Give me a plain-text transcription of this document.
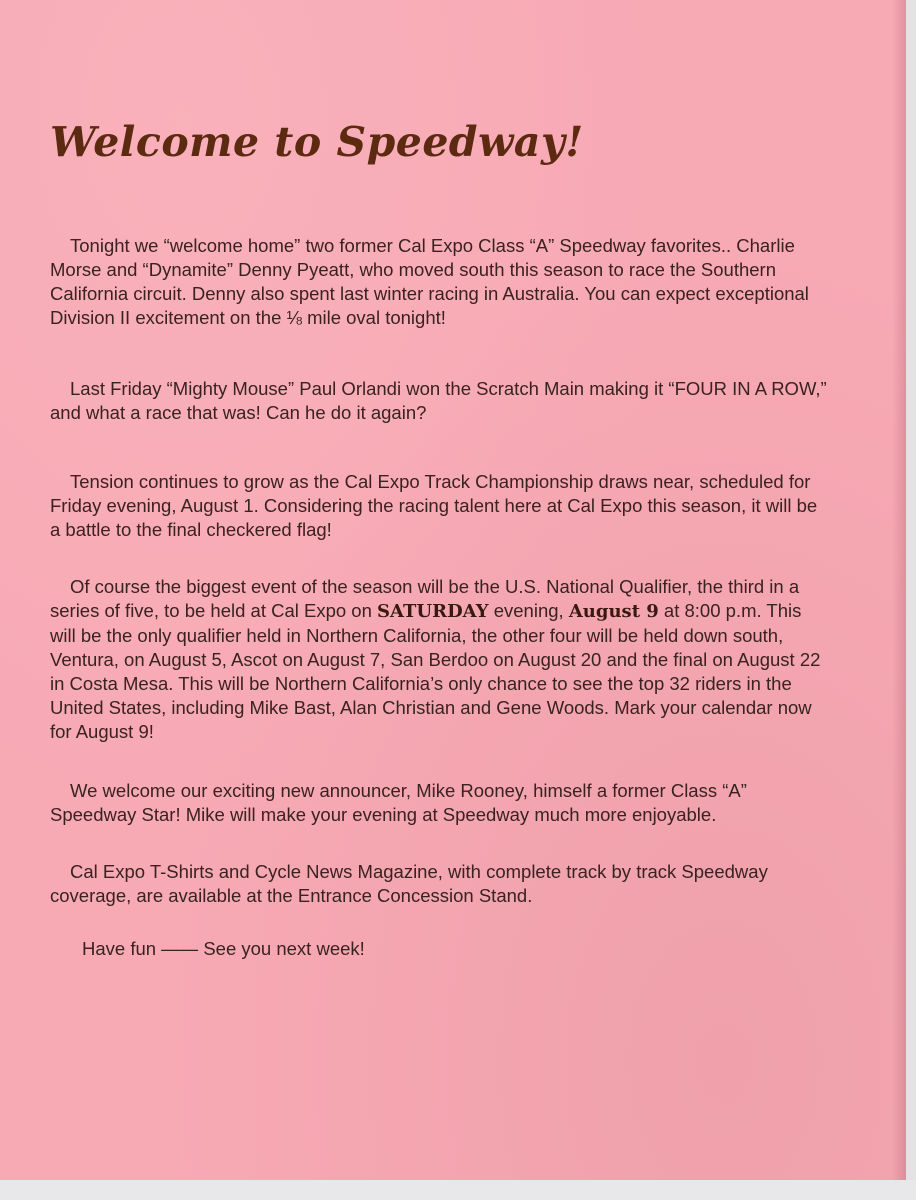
Welcome to Speedway!

Tonight we “welcome home” two former Cal Expo Class “A” Speedway favorites.. Charlie Morse and “Dynamite” Denny Pyeatt, who moved south this season to race the Southern California circuit. Denny also spent last winter racing in Australia. You can expect exceptional Division II excitement on the ⅛ mile oval tonight!

Last Friday “Mighty Mouse” Paul Orlandi won the Scratch Main making it “FOUR IN A ROW,” and what a race that was! Can he do it again?

Tension continues to grow as the Cal Expo Track Championship draws near, scheduled for Friday evening, August 1. Considering the racing talent here at Cal Expo this season, it will be a battle to the final checkered flag!

Of course the biggest event of the season will be the U.S. National Qualifier, the third in a series of five, to be held at Cal Expo on SATURDAY evening, August 9 at 8:00 p.m. This will be the only qualifier held in Northern California, the other four will be held down south, Ventura, on August 5, Ascot on August 7, San Berdoo on August 20 and the final on August 22 in Costa Mesa. This will be Northern California’s only chance to see the top 32 riders in the United States, including Mike Bast, Alan Christian and Gene Woods. Mark your calendar now for August 9!

We welcome our exciting new announcer, Mike Rooney, himself a former Class “A” Speedway Star! Mike will make your evening at Speedway much more enjoyable.

Cal Expo T-Shirts and Cycle News Magazine, with complete track by track Speedway coverage, are available at the Entrance Concession Stand.

Have fun —— See you next week!
